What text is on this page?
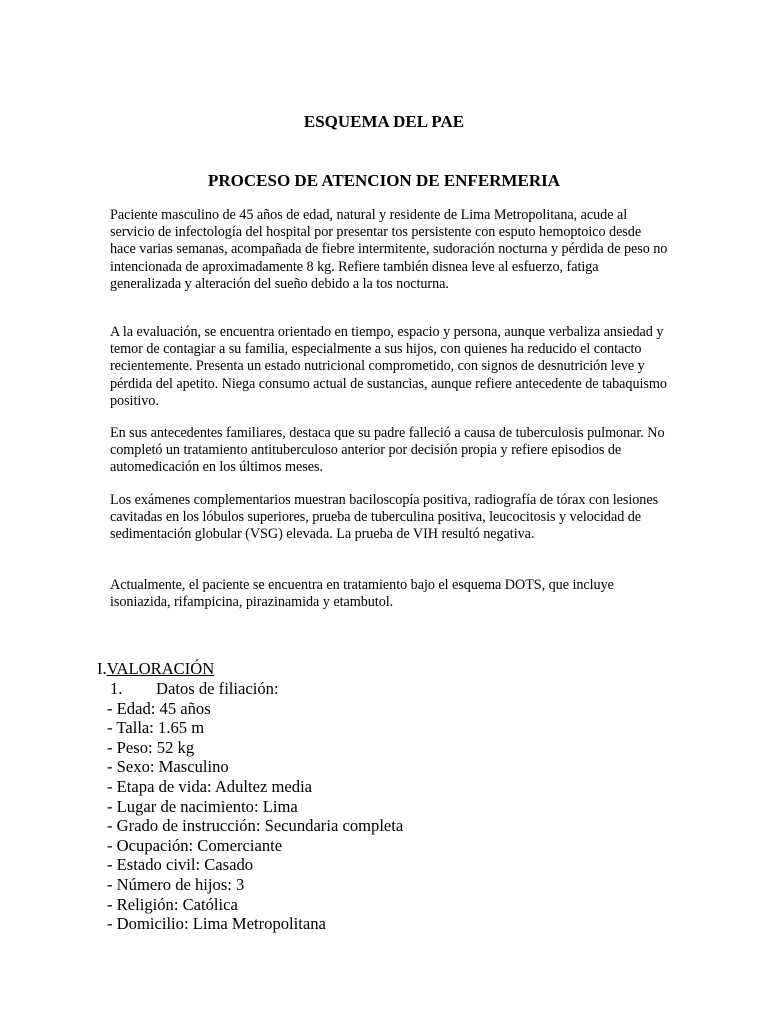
ESQUEMA DEL PAE
PROCESO DE ATENCION DE ENFERMERIA

Paciente masculino de 45 años de edad, natural y residente de Lima Metropolitana, acude al servicio de infectología del hospital por presentar tos persistente con esputo hemoptoico desde hace varias semanas, acompañada de fiebre intermitente, sudoración nocturna y pérdida de peso no intencionada de aproximadamente 8 kg. Refiere también disnea leve al esfuerzo, fatiga generalizada y alteración del sueño debido a la tos nocturna.

A la evaluación, se encuentra orientado en tiempo, espacio y persona, aunque verbaliza ansiedad y temor de contagiar a su familia, especialmente a sus hijos, con quienes ha reducido el contacto recientemente. Presenta un estado nutricional comprometido, con signos de desnutrición leve y pérdida del apetito. Niega consumo actual de sustancias, aunque refiere antecedente de tabaquismo positivo.

En sus antecedentes familiares, destaca que su padre falleció a causa de tuberculosis pulmonar. No completó un tratamiento antituberculoso anterior por decisión propia y refiere episodios de automedicación en los últimos meses.

Los exámenes complementarios muestran baciloscopía positiva, radiografía de tórax con lesiones cavitadas en los lóbulos superiores, prueba de tuberculina positiva, leucocitosis y velocidad de sedimentación globular (VSG) elevada. La prueba de VIH resultó negativa.

Actualmente, el paciente se encuentra en tratamiento bajo el esquema DOTS, que incluye isoniazida, rifampicina, pirazinamida y etambutol.

I.VALORACIÓN
1. Datos de filiación:
- Edad: 45 años
- Talla: 1.65 m
- Peso: 52 kg
- Sexo: Masculino
- Etapa de vida: Adultez media
- Lugar de nacimiento: Lima
- Grado de instrucción: Secundaria completa
- Ocupación: Comerciante
- Estado civil: Casado
- Número de hijos: 3
- Religión: Católica
- Domicilio: Lima Metropolitana
